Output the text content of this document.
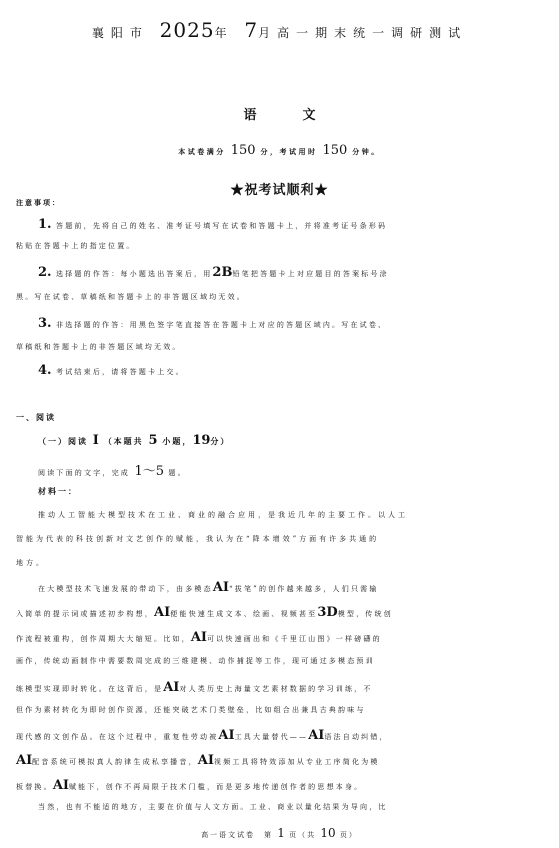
襄阳市 2025年 7月高一期末统一调研测试
语文
本试卷满分 150 分，考试用时 150 分钟。
★祝考试顺利★
注意事项：
1. 答题前，先将自己的姓名、准考证号填写在试卷和答题卡上，并将准考证号条形码
粘贴在答题卡上的指定位置。
2. 选择题的作答：每小题选出答案后，用2B铅笔把答题卡上对应题目的答案标号涂
黑。写在试卷、草稿纸和答题卡上的非答题区域均无效。
3. 非选择题的作答：用黑色签字笔直接答在答题卡上对应的答题区域内。写在试卷、
草稿纸和答题卡上的非答题区域均无效。
4. 考试结束后，请将答题卡上交。
一、阅读
（一）阅读 I （本题共 5 小题，19分）
阅读下面的文字，完成 1～5 题。
材料一：
推动人工智能大模型技术在工业、商业的融合应用，是我近几年的主要工作。以人工
智能为代表的科技创新对文艺创作的赋能，我认为在“降本增效”方面有许多共通的
地方。
在大模型技术飞速发展的带动下，由多模态AI“拔笔”的创作越来越多，人们只需输
入简单的提示词或描述初步构想，AI便能快速生成文本、绘画、视频甚至3D模型，传统创
作流程被重构，创作周期大大缩短。比如，AI可以快速画出和《千里江山图》一样磅礴的
画作，传统动画制作中需要数周完成的三维建模、动作捕捉等工作，现可通过多模态预训
练模型实现即时转化。在这背后，是AI对人类历史上海量文艺素材数据的学习训练，不
但作为素材转化为即时创作资源，还能突破艺术门类壁垒，比如组合出兼具古典韵味与
现代感的文创作品。在这个过程中，重复性劳动被AI工具大量替代——AI语法自动纠错，
AI配音系统可模拟真人韵律生成私享播音，AI视频工具将特效添加从专业工序简化为模
板替换。AI赋能下，创作不再局限于技术门槛，而是更多地传递创作者的思想本身。
当然，也有不能适的地方，主要在价值与人文方面。工业、商业以量化结果为导向，比
高一语文试卷　第 1 页（共 10 页）
